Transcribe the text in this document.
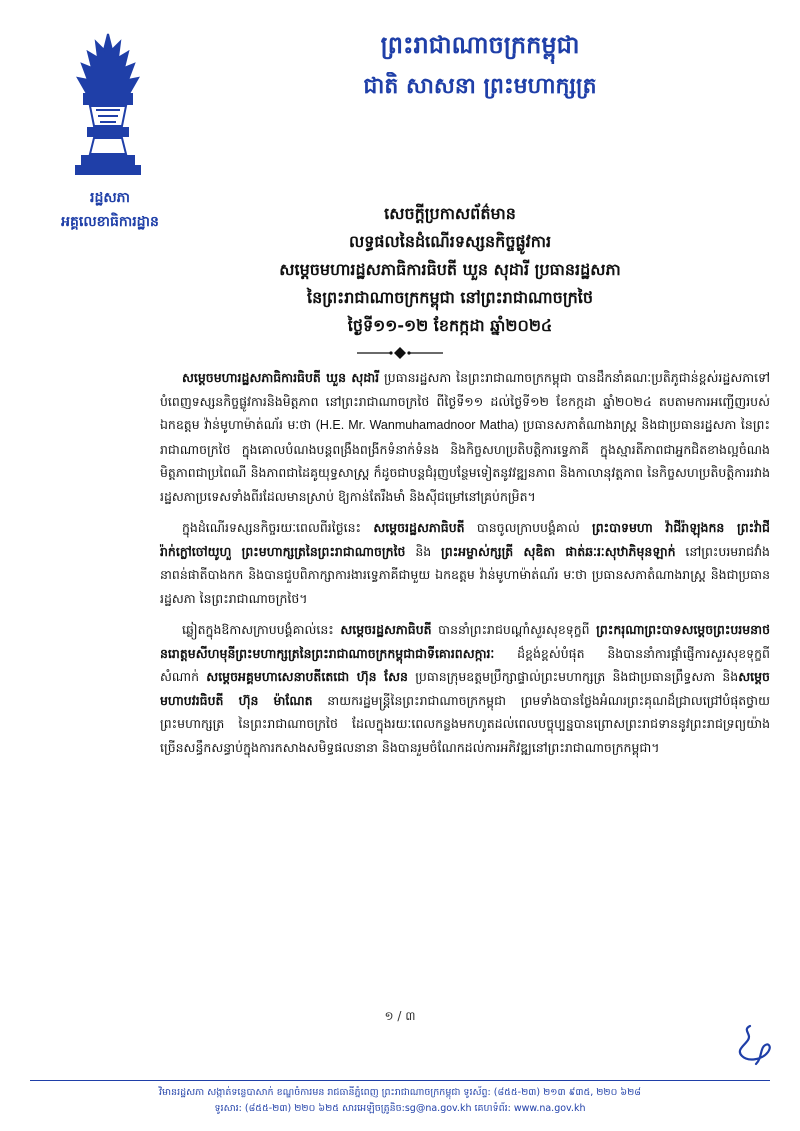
ព្រះរាជាណាចក្រកម្ពុជា
ជាតិ សាសនា ព្រះមហាក្សត្រ
រដ្ឋសភា
អគ្គលេខាធិការដ្ឋាន	សេចក្តីប្រកាសព័ត៌មាន
លទ្ធផលនៃដំណើរទស្សនកិច្ចផ្លូវការ
សម្តេចមហារដ្ឋសភាធិការធិបតី ឃួន សុដារី ប្រធានរដ្ឋសភា
នៃព្រះរាជាណាចក្រកម្ពុជា នៅព្រះរាជាណាចក្រថៃ
ថ្ងៃទី១១-១២ ខែកក្កដា ឆ្នាំ២០២៤

សម្តេចមហារដ្ឋសភាធិការធិបតី ឃួន សុដារី ប្រធានរដ្ឋសភា នៃព្រះរាជាណាចក្រកម្ពុជា បានដឹកនាំគណៈប្រតិភូជាន់ខ្ពស់រដ្ឋសភាទៅបំពេញទស្សនកិច្ចផ្លូវការនិងមិត្តភាព នៅព្រះរាជាណាចក្រថៃ ពីថ្ងៃទី១១ ដល់ថ្ងៃទី១២ ខែកក្កដា ឆ្នាំ២០២៤ តបតាមការអញ្ជើញរបស់ ឯកឧត្តម វ៉ាន់មូហាម៉ាត់ណ័រ មៈថា (H.E. Mr. Wanmuhamadnoor Matha) ប្រធានសភាតំណាងរាស្ត្រ និងជាប្រធានរដ្ឋសភា នៃព្រះរាជាណាចក្រថៃ ក្នុងគោលបំណងបន្តពង្រឹងពង្រីកទំនាក់ទំនង និងកិច្ចសហប្រតិបត្តិការទ្វេភាគី ក្នុងស្មារតីភាពជាអ្នកជិតខាងល្អចំណងមិត្តភាពជាប្រពៃណី និងភាពជាដៃគូយុទ្ធសាស្ត្រ ក៏ដូចជាបន្តជំរុញបន្ថែមទៀតនូវវឌ្ឍនភាព និងកាលានុវត្តភាព នៃកិច្ចសហប្រតិបត្តិការរវាងរដ្ឋសភាប្រទេសទាំងពីរដែលមានស្រាប់ ឱ្យកាន់តែរឹងមាំ និងស៊ីជម្រៅនៅគ្រប់កម្រិត។

ក្នុងដំណើរទស្សនកិច្ចរយៈពេលពីរថ្ងៃនេះ សម្តេចរដ្ឋសភាធិបតី បានចូលក្រាបបង្គំគាល់ ព្រះបាទមហា វ៉ាជីរ៉ាឡុងកន ព្រះវ៉ាជីរ៉ាក់ក្លៅចៅយូហួ ព្រះមហាក្សត្រនៃព្រះរាជាណាចក្រថៃ និង ព្រះអម្ចាស់ក្សត្រី សុឌិតា ផាត់ឆៈរៈសុឋាភិមុនឡាក់ នៅព្រះបរមរាជវាំង នាពន់ផាតីបាងកក និងបានជួបពិភាក្សាការងារទ្វេភាគីជាមួយ ឯកឧត្តម វ៉ាន់មូហាម៉ាត់ណ័រ មៈថា ប្រធានសភាតំណាងរាស្ត្រ និងជាប្រធានរដ្ឋសភា នៃព្រះរាជាណាចក្រថៃ។

ឆ្លៀតក្នុងឱកាសក្រាបបង្គំគាល់នេះ សម្តេចរដ្ឋសភាធិបតី បាននាំព្រះរាជបណ្តាំសួរសុខទុក្ខពី ព្រះករុណាព្រះបាទសម្តេចព្រះបរមនាថនរោត្តមសីហមុនីព្រះមហាក្សត្រនៃព្រះរាជាណាចក្រកម្ពុជាជាទីគោរពសក្ការៈ ដ៏ខ្ពង់ខ្ពស់បំផុត និងបាននាំការផ្តាំផ្ញើការសួរសុខទុក្ខពីសំណាក់ សម្តេចអគ្គមហាសេនាបតីតេជោ ហ៊ុន សែន ប្រធានក្រុមឧត្តមប្រឹក្សាផ្ទាល់ព្រះមហាក្សត្រ និងជាប្រធានព្រឹទ្ធសភា និងសម្តេចមហាបវរធិបតី ហ៊ុន ម៉ាណែត នាយករដ្ឋមន្ត្រីនៃព្រះរាជាណាចក្រកម្ពុជា ព្រមទាំងបានថ្លែងអំណរព្រះគុណដ៏ជ្រាលជ្រៅបំផុតថ្វាយព្រះមហាក្សត្រ នៃព្រះរាជាណាចក្រថៃ ដែលក្នុងរយៈពេលកន្លងមកហូតដល់ពេលបច្ចុប្បន្នបានព្រោសព្រះរាជទាននូវព្រះរាជទ្រព្យយ៉ាងច្រើនសន្ធឹកសន្ធាប់ក្នុងការកសាងសមិទ្ធផលនានា និងបានរួមចំណែកដល់ការអភិវឌ្ឍនៅព្រះរាជាណាចក្រកម្ពុជា។

១ / ៣
វិមានរដ្ឋសភា សង្កាត់ទន្លេបាសាក់ ខណ្ឌចំការមន រាជធានីភ្នំពេញ ព្រះរាជាណាចក្រកម្ពុជា ទូរស័ព្ទ: (៨៥៥-២៣) ២១៣ ៩៣៥, ២២០ ៦២៨
ទូរសារ: (៨៥៥-២៣) ២២០ ៦២៥ សារអេឡិចត្រូនិច:sg@na.gov.kh គេហទំព័រ: www.na.gov.kh
